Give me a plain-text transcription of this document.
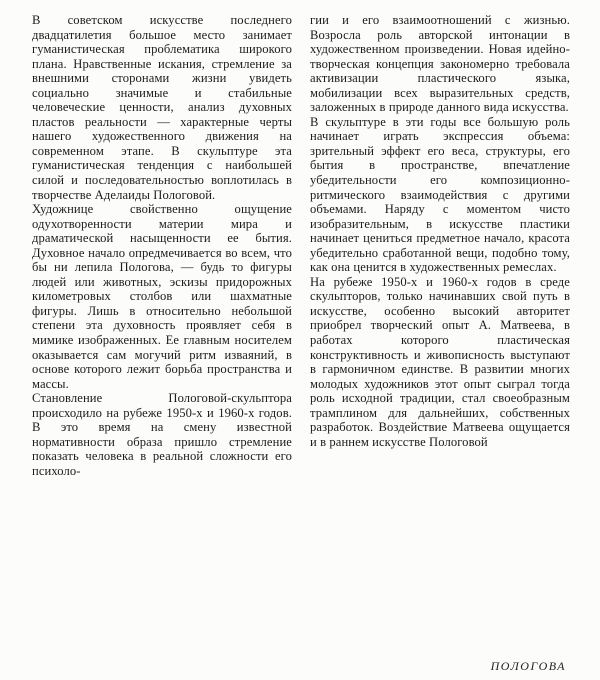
В советском искусстве последнего двадцатилетия большое место занимает гуманистическая проблематика широкого плана. Нравственные искания, стремление за внешними сторонами жизни увидеть социально значимые и стабильные человеческие ценности, анализ духовных пластов реальности — характерные черты нашего художественного движения на современном этапе. В скульптуре эта гуманистическая тенденция с наибольшей силой и последовательностью воплотилась в творчестве Аделаиды Пологовой.

Художнице свойственно ощущение одухотворенности материи мира и драматической насыщенности ее бытия. Духовное начало опредмечивается во всем, что бы ни лепила Пологова, — будь то фигуры людей или животных, эскизы придорожных километровых столбов или шахматные фигуры. Лишь в относительно небольшой степени эта духовность проявляет себя в мимике изображенных. Ее главным носителем оказывается сам могучий ритм изваяний, в основе которого лежит борьба пространства и массы.

Становление Пологовой-скульптора происходило на рубеже 1950-х и 1960-х годов. В это время на смену известной нормативности образа пришло стремление показать человека в реальной сложности его психоло-

гии и его взаимоотношений с жизнью. Возросла роль авторской интонации в художественном произведении. Новая идейно-творческая концепция закономерно требовала активизации пластического языка, мобилизации всех выразительных средств, заложенных в природе данного вида искусства.

В скульптуре в эти годы все большую роль начинает играть экспрессия объема: зрительный эффект его веса, структуры, его бытия в пространстве, впечатление убедительности его композиционно-ритмического взаимодействия с другими объемами. Наряду с моментом чисто изобразительным, в искусстве пластики начинает цениться предметное начало, красота убедительно сработанной вещи, подобно тому, как она ценится в художественных ремеслах.

На рубеже 1950-х и 1960-х годов в среде скульпторов, только начинавших свой путь в искусстве, особенно высокий авторитет приобрел творческий опыт А. Матвеева, в работах которого пластическая конструктивность и живописность выступают в гармоничном единстве. В развитии многих молодых художников этот опыт сыграл тогда роль исходной традиции, стал своеобразным трамплином для дальнейших, собственных разработок. Воздействие Матвеева ощущается и в раннем искусстве Пологовой

ПОЛОГОВА
